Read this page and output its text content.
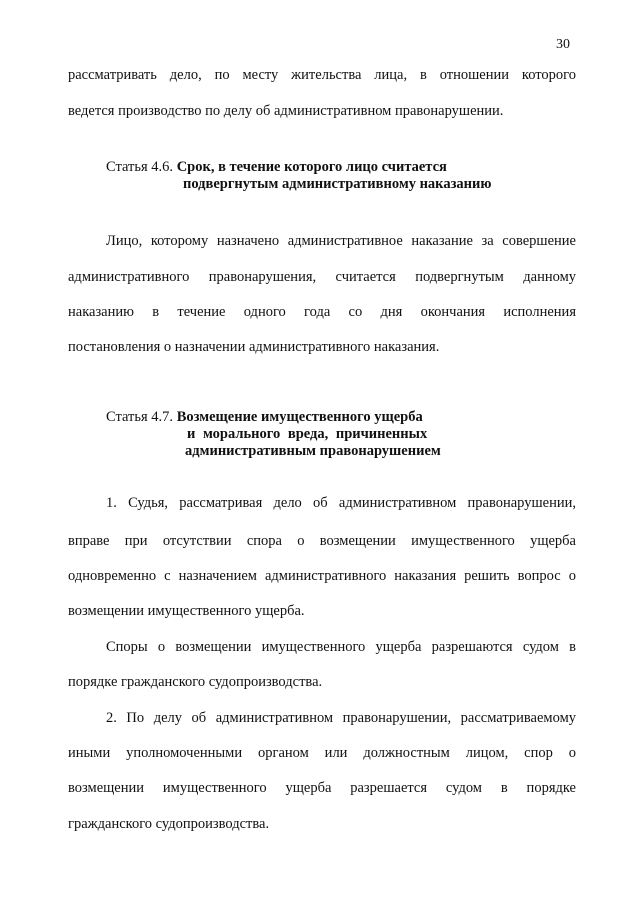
30
рассматривать дело, по месту жительства лица, в отношении которого
ведется производство по делу об административном правонарушении.
Статья 4.6. Срок, в течение которого лицо считается
подвергнутым административному наказанию
Лицо, которому назначено административное наказание за совершение
административного правонарушения, считается подвергнутым данному
наказанию в течение одного года со дня окончания исполнения
постановления о назначении административного наказания.
Статья 4.7. Возмещение имущественного ущерба
и морального вреда, причиненных
административным правонарушением
1. Судья, рассматривая дело об административном правонарушении,
вправе при отсутствии спора о возмещении имущественного ущерба
одновременно с назначением административного наказания решить вопрос о
возмещении имущественного ущерба.
Споры о возмещении имущественного ущерба разрешаются судом в
порядке гражданского судопроизводства.
2. По делу об административном правонарушении, рассматриваемому
иными уполномоченными органом или должностным лицом, спор о
возмещении имущественного ущерба разрешается судом в порядке
гражданского судопроизводства.
